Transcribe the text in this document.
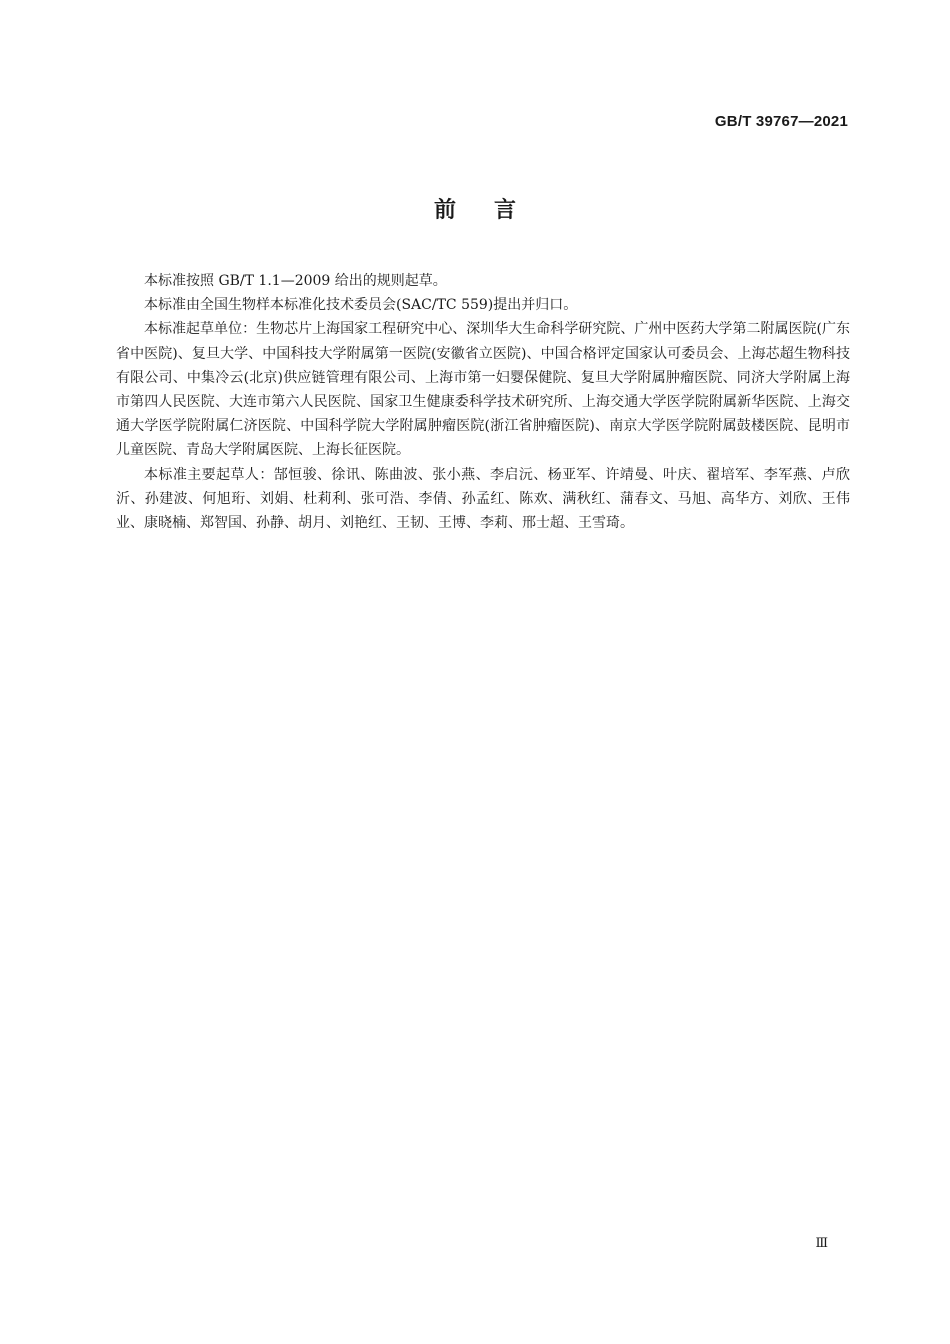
GB/T 39767—2021
前言

本标准按照 GB/T 1.1—2009 给出的规则起草。

本标准由全国生物样本标准化技术委员会(SAC/TC 559)提出并归口。

本标准起草单位：生物芯片上海国家工程研究中心、深圳华大生命科学研究院、广州中医药大学第二附属医院(广东省中医院)、复旦大学、中国科技大学附属第一医院(安徽省立医院)、中国合格评定国家认可委员会、上海芯超生物科技有限公司、中集冷云(北京)供应链管理有限公司、上海市第一妇婴保健院、复旦大学附属肿瘤医院、同济大学附属上海市第四人民医院、大连市第六人民医院、国家卫生健康委科学技术研究所、上海交通大学医学院附属新华医院、上海交通大学医学院附属仁济医院、中国科学院大学附属肿瘤医院(浙江省肿瘤医院)、南京大学医学院附属鼓楼医院、昆明市儿童医院、青岛大学附属医院、上海长征医院。

本标准主要起草人：郜恒骏、徐讯、陈曲波、张小燕、李启沅、杨亚军、许靖曼、叶庆、翟培军、李军燕、卢欣沂、孙建波、何旭珩、刘娟、杜莉利、张可浩、李倩、孙孟红、陈欢、满秋红、蒲春文、马旭、高华方、刘欣、王伟业、康晓楠、郑智国、孙静、胡月、刘艳红、王韧、王博、李莉、邢士超、王雪琦。

Ⅲ
